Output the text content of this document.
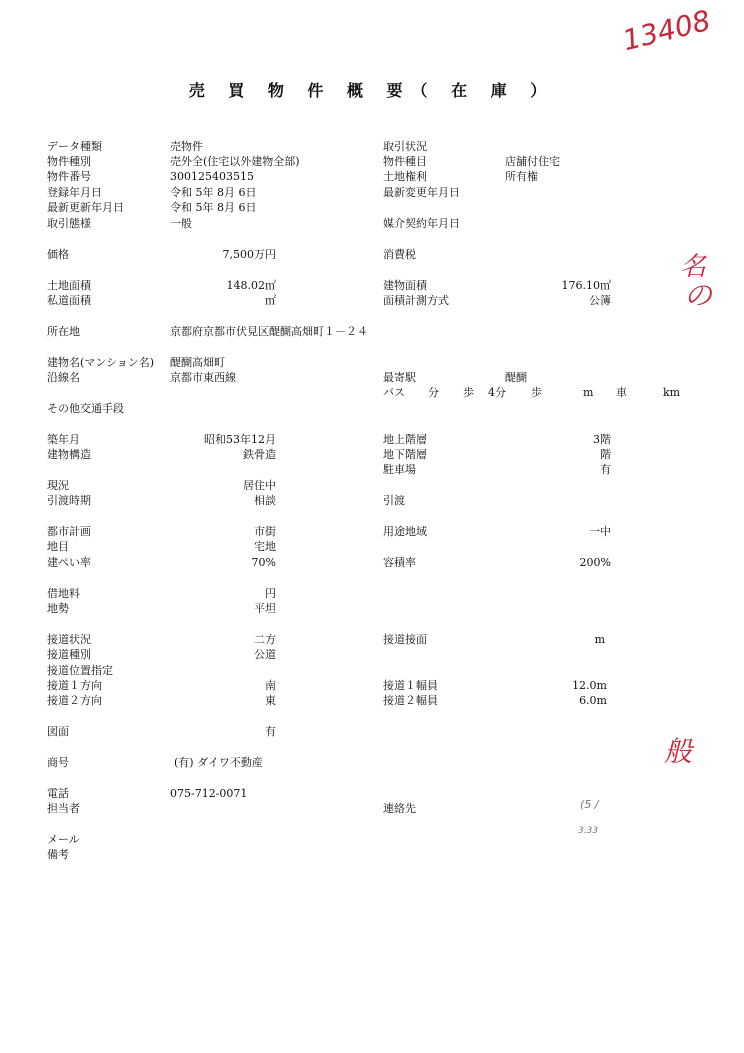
売 買 物 件 概 要（ 在 庫 ）
13408
名
の
般
(5 /
3.33
データ種類	売物件	取引状況
物件種別	売外全(住宅以外建物全部)	物件種目	店舗付住宅
物件番号	300125403515	土地権利	所有権
登録年月日	令和 5年 8月 6日	最新変更年月日
最新更新年月日	令和 5年 8月 6日
取引態様	一般	媒介契約年月日
価格	7,500万円	消費税
土地面積	148.02㎡	建物面積	176.10㎡
私道面積	㎡	面積計測方式	公簿
所在地	京都府京都市伏見区醍醐高畑町１－２４
建物名(マンション名) 醍醐高畑町
沿線名	京都市東西線	最寄駅	醍醐
バス 分 歩 4分 歩	m 車	km
その他交通手段
築年月	昭和53年12月	地上階層	3階
建物構造	鉄骨造	地下階層	階
駐車場	有
現況	居住中
引渡時期	相談	引渡
都市計画	市街	用途地域	一中
地目	宅地
建ぺい率	70%	容積率	200%
借地料	円
地勢	平坦
接道状況	二方	接道接面	m
接道種別	公道
接道位置指定
接道１方向	南	接道１幅員	12.0m
接道２方向	東	接道２幅員	6.0m
図面	有
商号	(有) ダイワ不動産
電話	075-712-0071
担当者	連絡先
メール
備考
